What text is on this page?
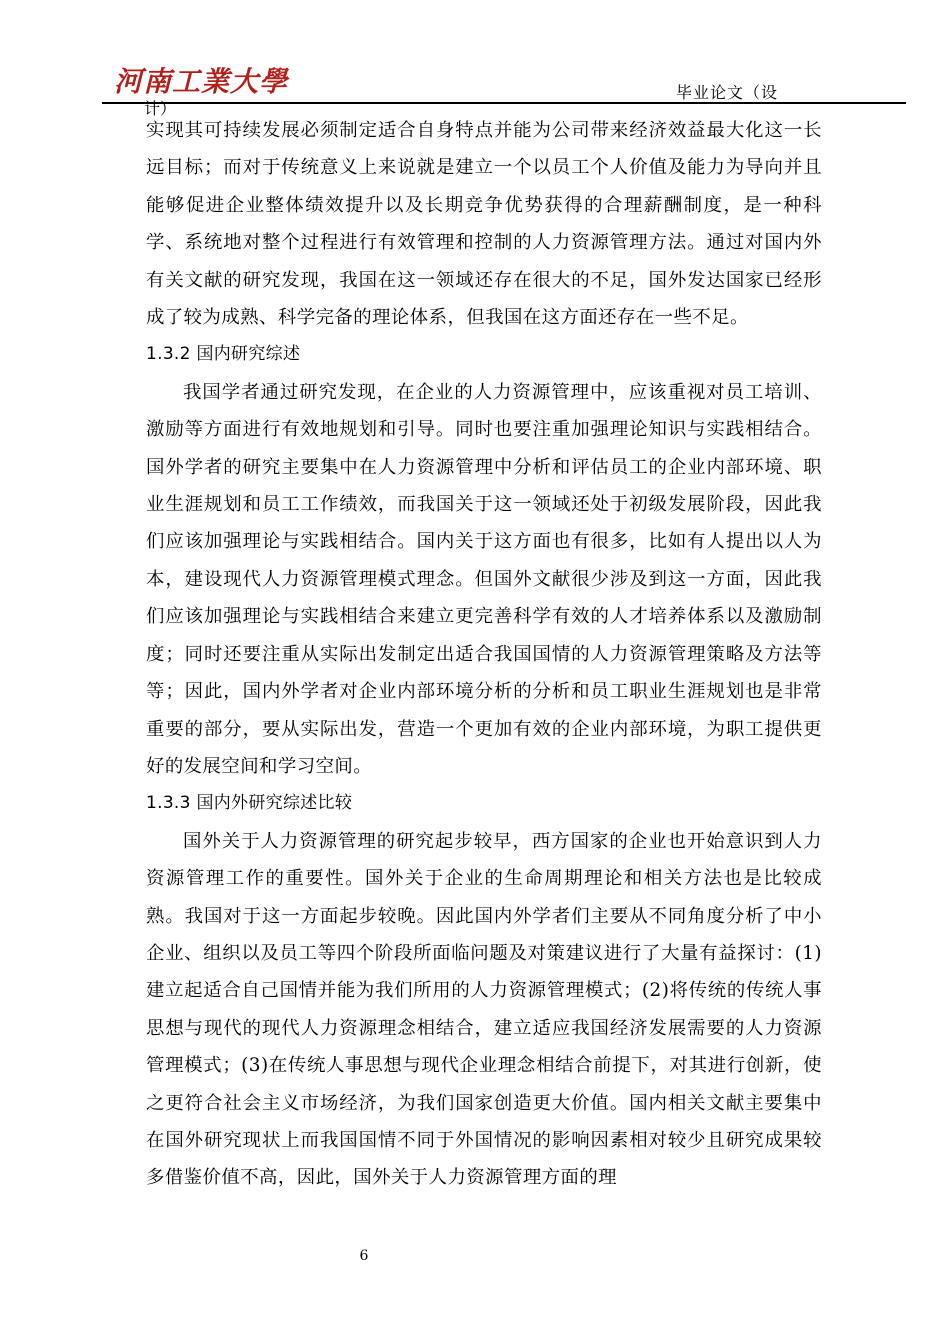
河南工業大學	毕业论文（设
计）

实现其可持续发展必须制定适合自身特点并能为公司带来经济效益最大化这一长远目标；而对于传统意义上来说就是建立一个以员工个人价值及能力为导向并且能够促进企业整体绩效提升以及长期竞争优势获得的合理薪酬制度，是一种科学、系统地对整个过程进行有效管理和控制的人力资源管理方法。通过对国内外有关文献的研究发现，我国在这一领域还存在很大的不足，国外发达国家已经形成了较为成熟、科学完备的理论体系，但我国在这方面还存在一些不足。

1.3.2 国内研究综述

我国学者通过研究发现，在企业的人力资源管理中，应该重视对员工培训、激励等方面进行有效地规划和引导。同时也要注重加强理论知识与实践相结合。国外学者的研究主要集中在人力资源管理中分析和评估员工的企业内部环境、职业生涯规划和员工工作绩效，而我国关于这一领域还处于初级发展阶段，因此我们应该加强理论与实践相结合。国内关于这方面也有很多，比如有人提出以人为本，建设现代人力资源管理模式理念。但国外文献很少涉及到这一方面，因此我们应该加强理论与实践相结合来建立更完善科学有效的人才培养体系以及激励制度；同时还要注重从实际出发制定出适合我国国情的人力资源管理策略及方法等等；因此，国内外学者对企业内部环境分析的分析和员工职业生涯规划也是非常重要的部分，要从实际出发，营造一个更加有效的企业内部环境，为职工提供更好的发展空间和学习空间。

1.3.3 国内外研究综述比较

国外关于人力资源管理的研究起步较早，西方国家的企业也开始意识到人力资源管理工作的重要性。国外关于企业的生命周期理论和相关方法也是比较成熟。我国对于这一方面起步较晚。因此国内外学者们主要从不同角度分析了中小企业、组织以及员工等四个阶段所面临问题及对策建议进行了大量有益探讨：(1)建立起适合自己国情并能为我们所用的人力资源管理模式；(2)将传统的传统人事思想与现代的现代人力资源理念相结合，建立适应我国经济发展需要的人力资源管理模式；(3)在传统人事思想与现代企业理念相结合前提下，对其进行创新，使之更符合社会主义市场经济，为我们国家创造更大价值。国内相关文献主要集中在国外研究现状上而我国国情不同于外国情况的影响因素相对较少且研究成果较多借鉴价值不高，因此，国外关于人力资源管理方面的理

6
